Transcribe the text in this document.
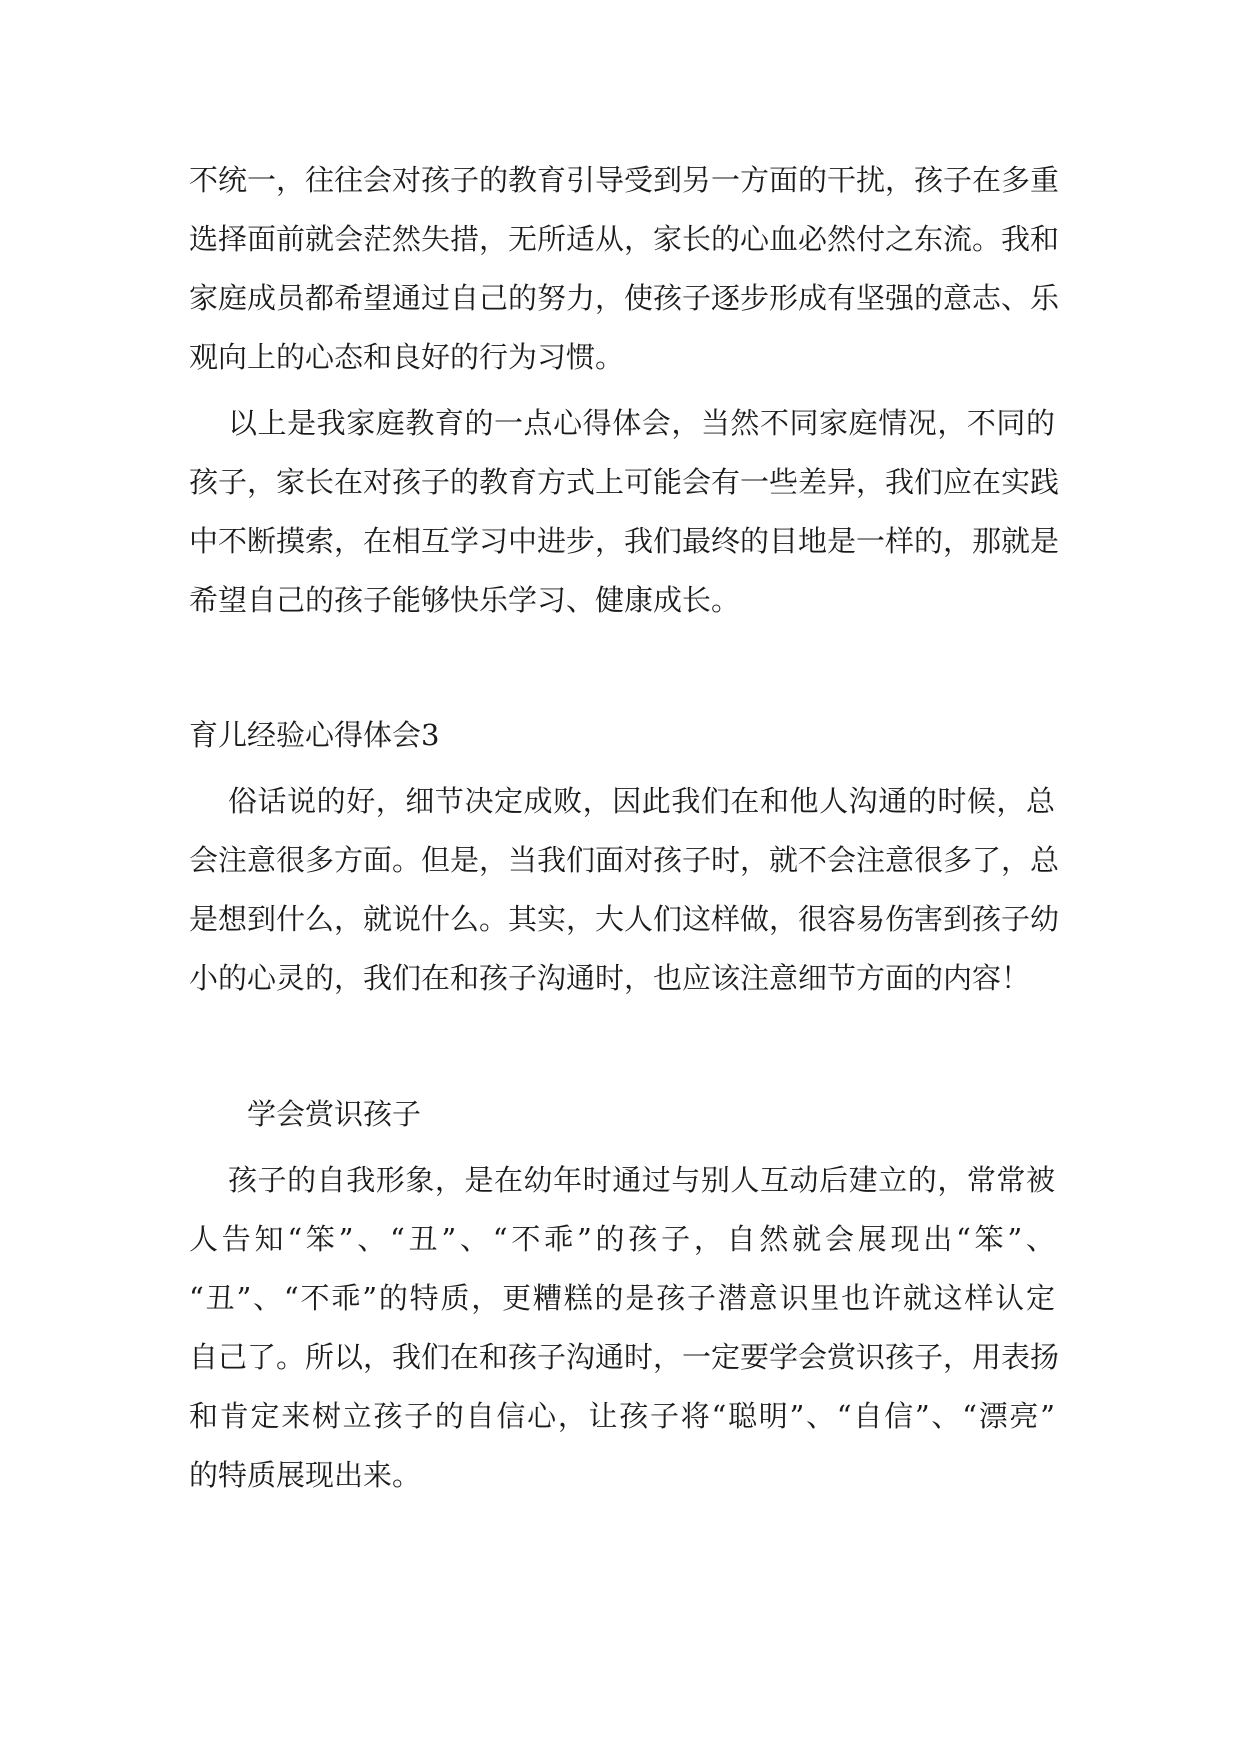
不统一，往往会对孩子的教育引导受到另一方面的干扰，孩子在多重

选择面前就会茫然失措，无所适从，家长的心血必然付之东流。我和

家庭成员都希望通过自己的努力，使孩子逐步形成有坚强的意志、乐

观向上的心态和良好的行为习惯。

以上是我家庭教育的一点心得体会，当然不同家庭情况，不同的

孩子，家长在对孩子的教育方式上可能会有一些差异，我们应在实践

中不断摸索，在相互学习中进步，我们最终的目地是一样的，那就是

希望自己的孩子能够快乐学习、健康成长。

育儿经验心得体会3

俗话说的好，细节决定成败，因此我们在和他人沟通的时候，总

会注意很多方面。但是，当我们面对孩子时，就不会注意很多了，总

是想到什么，就说什么。其实，大人们这样做，很容易伤害到孩子幼

小的心灵的，我们在和孩子沟通时，也应该注意细节方面的内容！

学会赏识孩子

孩子的自我形象，是在幼年时通过与别人互动后建立的，常常被

人告知“笨”、“丑”、“不乖”的孩子，自然就会展现出“笨”、

“丑”、“不乖”的特质，更糟糕的是孩子潜意识里也许就这样认定

自己了。所以，我们在和孩子沟通时，一定要学会赏识孩子，用表扬

和肯定来树立孩子的自信心，让孩子将“聪明”、“自信”、“漂亮”

的特质展现出来。
